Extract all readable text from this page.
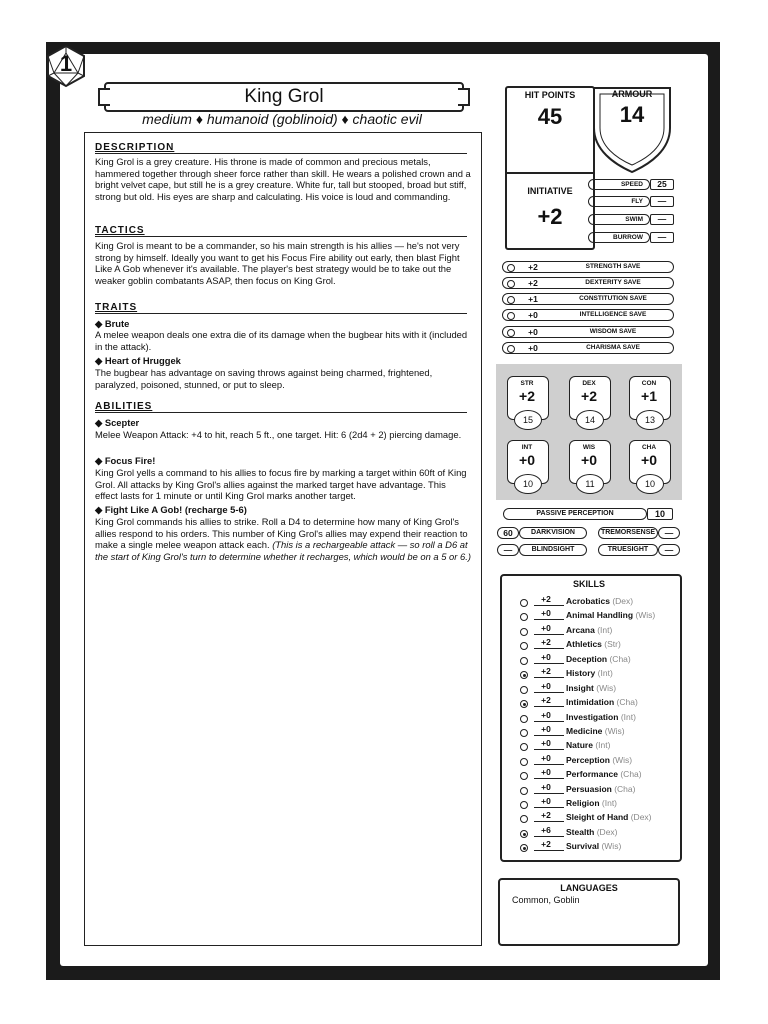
1
King Grol
medium ♦ humanoid (goblinoid) ♦ chaotic evil
DESCRIPTION
King Grol is a grey creature. His throne is made of common and precious metals, hammered together through sheer force rather than skill. He wears a polished crown and a bright velvet cape, but still he is a grey creature. White fur, tall but stooped, broad but stiff, strong but old. His eyes are sharp and calculating. His voice is loud and commanding.
TACTICS
King Grol is meant to be a commander, so his main strength is his allies — he's not very strong by himself. Ideally you want to get his Focus Fire ability out early, then blast Fight Like A Gob whenever it's available. The player's best strategy would be to take out the weaker goblin combatants ASAP, then focus on King Grol.
TRAITS
◆ Brute
A melee weapon deals one extra die of its damage when the bugbear hits with it (included in the attack).
◆ Heart of Hruggek
The bugbear has advantage on saving throws against being charmed, frightened, paralyzed, poisoned, stunned, or put to sleep.
ABILITIES
◆ Scepter
Melee Weapon Attack: +4 to hit, reach 5 ft., one target. Hit: 6 (2d4 + 2) piercing damage.
◆ Focus Fire!
King Grol yells a command to his allies to focus fire by marking a target within 60ft of King Grol. All attacks by King Grol's allies against the marked target have advantage. This effect lasts for 1 minute or until King Grol marks another target.
◆ Fight Like A Gob! (recharge 5-6)
King Grol commands his allies to strike. Roll a D4 to determine how many of King Grol's allies respond to his orders. This number of King Grol's allies may expend their reaction to make a single melee weapon attack each. (This is a rechargeable attack — so roll a D6 at the start of King Grol's turn to determine whether it recharges, which would be on a 5 or 6.)
HIT POINTS
45
INITIATIVE
+2
ARMOUR
14
SPEED	25
FLY	—
SWIM	—
BURROW	—
+2	STRENGTH SAVE
+2	DEXTERITY SAVE
+1	CONSTITUTION SAVE
+0	INTELLIGENCE SAVE
+0	WISDOM SAVE
+0	CHARISMA SAVE
STR
+2
15
DEX
+2
14
CON
+1
13
INT
+0
10
WIS
+0
11
CHA
+0
10
PASSIVE PERCEPTION	10
60	DARKVISION	TREMORSENSE	—
—	BLINDSIGHT	TRUESIGHT	—
SKILLS
+2	Acrobatics (Dex)
+0	Animal Handling (Wis)
+0	Arcana (Int)
+2	Athletics (Str)
+0	Deception (Cha)
+2	History (Int)
+0	Insight (Wis)
+2	Intimidation (Cha)
+0	Investigation (Int)
+0	Medicine (Wis)
+0	Nature (Int)
+0	Perception (Wis)
+0	Performance (Cha)
+0	Persuasion (Cha)
+0	Religion (Int)
+2	Sleight of Hand (Dex)
+6	Stealth (Dex)
+2	Survival (Wis)
LANGUAGES
Common, Goblin
